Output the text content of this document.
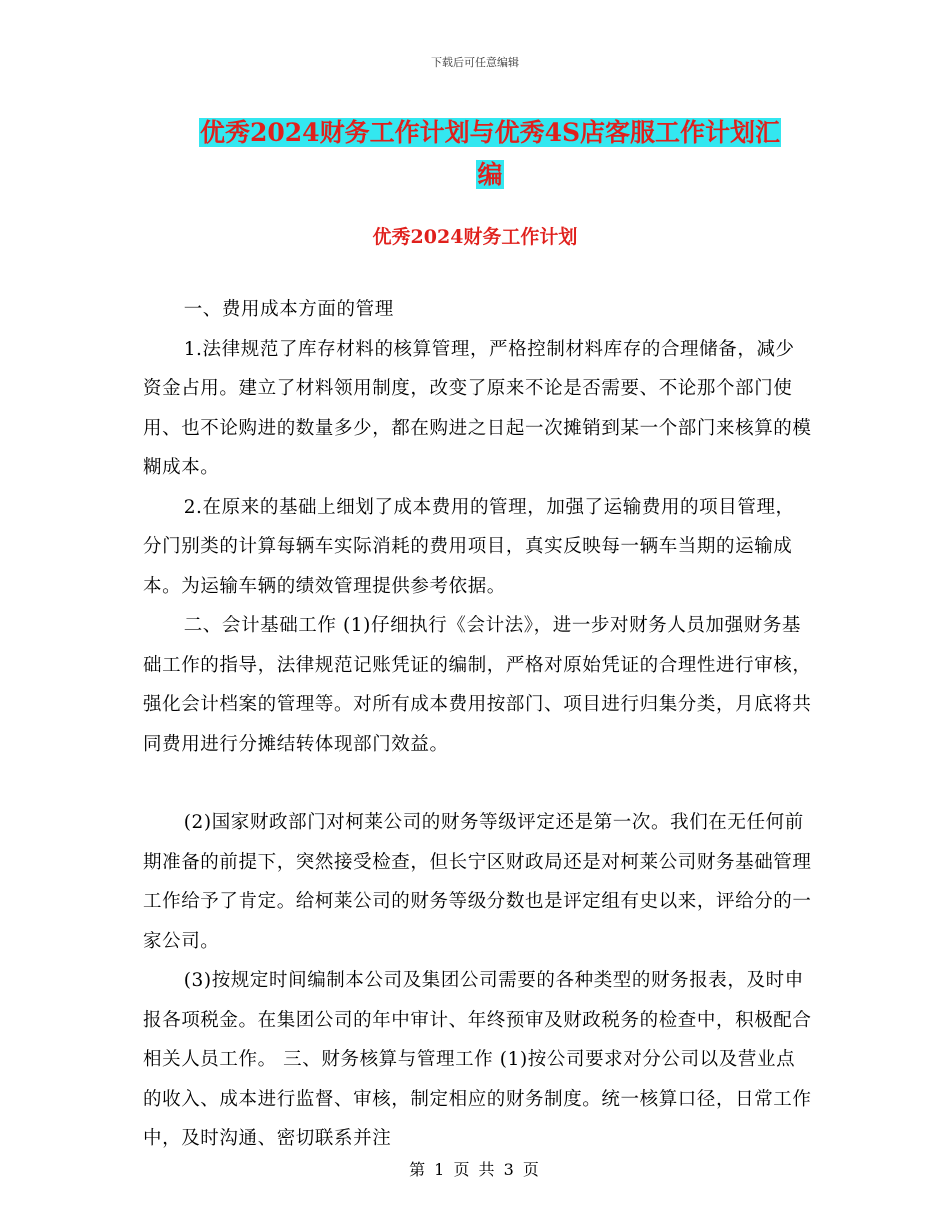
下载后可任意编辑
优秀2024财务工作计划与优秀4S店客服工作计划汇
编
优秀2024财务工作计划

一、费用成本方面的管理

1.法律规范了库存材料的核算管理，严格控制材料库存的合理储备，减少资金占用。建立了材料领用制度，改变了原来不论是否需要、不论那个部门使用、也不论购进的数量多少，都在购进之日起一次摊销到某一个部门来核算的模糊成本。

2.在原来的基础上细划了成本费用的管理，加强了运输费用的项目管理，分门别类的计算每辆车实际消耗的费用项目，真实反映每一辆车当期的运输成本。为运输车辆的绩效管理提供参考依据。

二、会计基础工作 (1)仔细执行《会计法》，进一步对财务人员加强财务基础工作的指导，法律规范记账凭证的编制，严格对原始凭证的合理性进行审核，强化会计档案的管理等。对所有成本费用按部门、项目进行归集分类，月底将共同费用进行分摊结转体现部门效益。

(2)国家财政部门对柯莱公司的财务等级评定还是第一次。我们在无任何前期准备的前提下，突然接受检查，但长宁区财政局还是对柯莱公司财务基础管理工作给予了肯定。给柯莱公司的财务等级分数也是评定组有史以来，评给分的一家公司。

(3)按规定时间编制本公司及集团公司需要的各种类型的财务报表，及时申报各项税金。在集团公司的年中审计、年终预审及财政税务的检查中，积极配合相关人员工作。 三、财务核算与管理工作 (1)按公司要求对分公司以及营业点的收入、成本进行监督、审核，制定相应的财务制度。统一核算口径，日常工作中，及时沟通、密切联系并注

第 1 页 共 3 页
